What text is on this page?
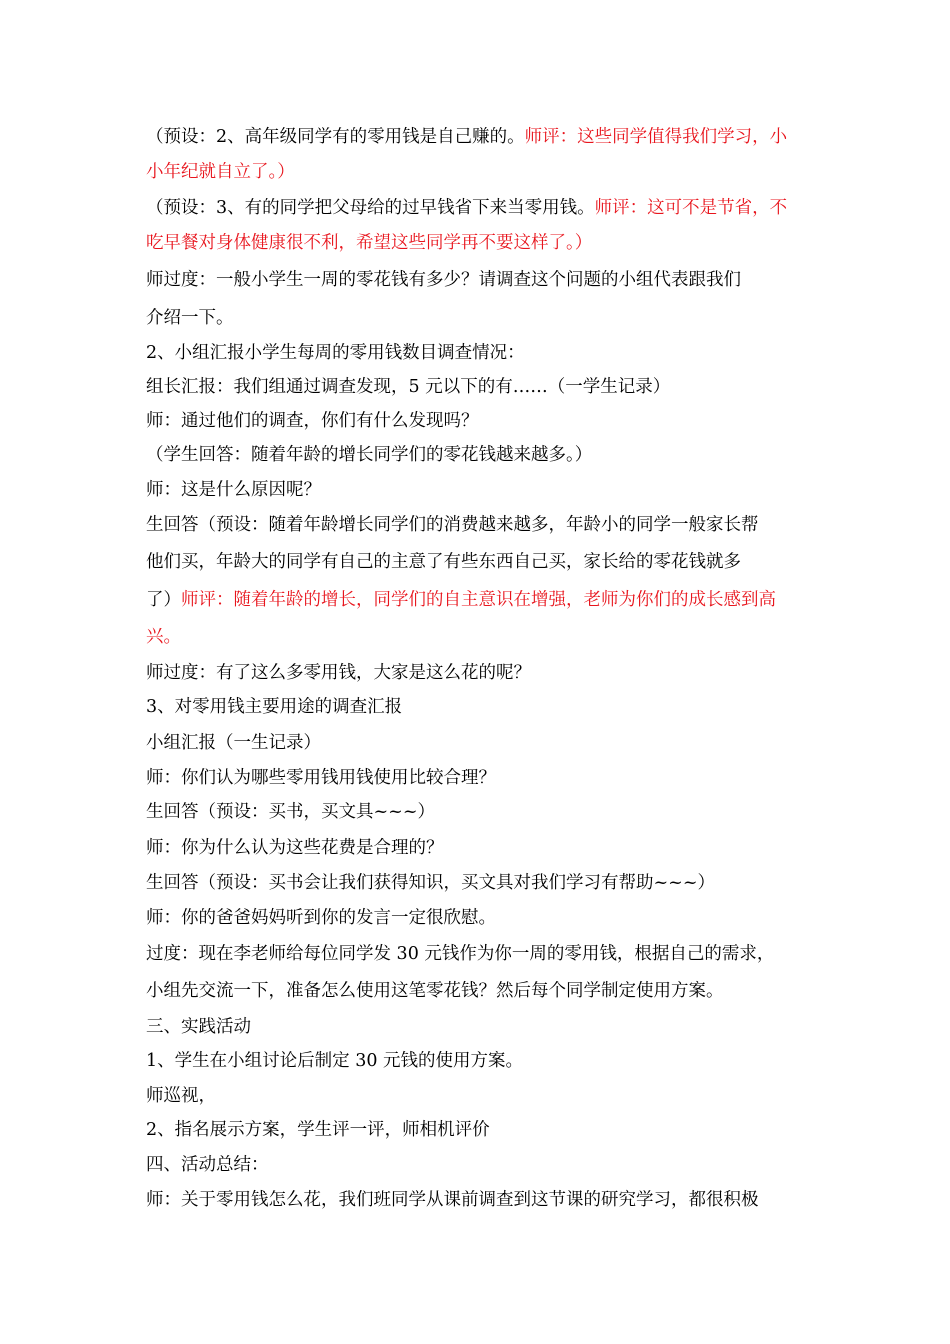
（预设：2、高年级同学有的零用钱是自己赚的。师评：这些同学值得我们学习，小
小年纪就自立了。）
（预设：3、有的同学把父母给的过早钱省下来当零用钱。师评：这可不是节省，不
吃早餐对身体健康很不利，希望这些同学再不要这样了。）
师过度：一般小学生一周的零花钱有多少？请调查这个问题的小组代表跟我们
介绍一下。
2、小组汇报小学生每周的零用钱数目调查情况：
组长汇报：我们组通过调查发现，5 元以下的有……（一学生记录）
师：通过他们的调查，你们有什么发现吗？
（学生回答：随着年龄的增长同学们的零花钱越来越多。）
师：这是什么原因呢？
生回答（预设：随着年龄增长同学们的消费越来越多，年龄小的同学一般家长帮
他们买，年龄大的同学有自己的主意了有些东西自己买，家长给的零花钱就多
了）师评：随着年龄的增长，同学们的自主意识在增强，老师为你们的成长感到高
兴。
师过度：有了这么多零用钱，大家是这么花的呢？
3、对零用钱主要用途的调查汇报
小组汇报（一生记录）
师：你们认为哪些零用钱用钱使用比较合理？
生回答（预设：买书，买文具~~~）
师：你为什么认为这些花费是合理的？
生回答（预设：买书会让我们获得知识，买文具对我们学习有帮助~~~）
师：你的爸爸妈妈听到你的发言一定很欣慰。
过度：现在李老师给每位同学发 30 元钱作为你一周的零用钱，根据自己的需求，
小组先交流一下，准备怎么使用这笔零花钱？然后每个同学制定使用方案。
三、实践活动
1、学生在小组讨论后制定 30 元钱的使用方案。
师巡视，
2、指名展示方案，学生评一评，师相机评价
四、活动总结：
师：关于零用钱怎么花，我们班同学从课前调查到这节课的研究学习，都很积极
